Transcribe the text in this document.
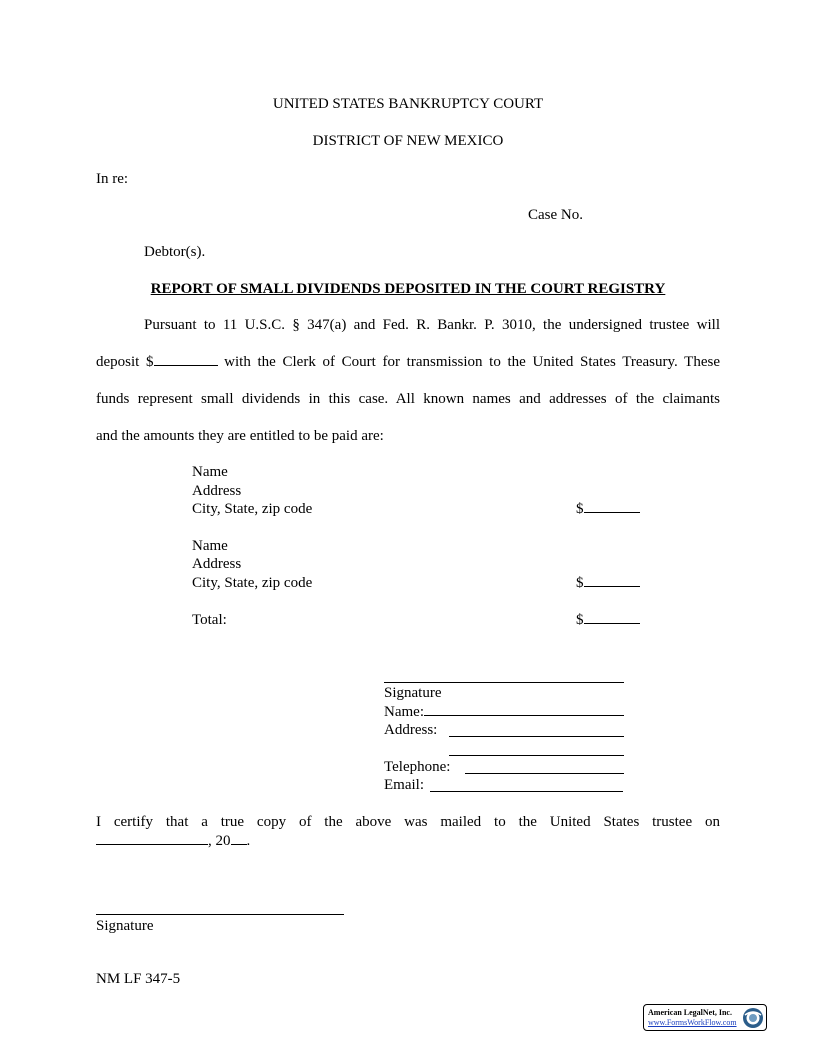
UNITED STATES BANKRUPTCY COURT
DISTRICT OF NEW MEXICO
In re:
Case No.
Debtor(s).
REPORT OF SMALL DIVIDENDS DEPOSITED IN THE COURT REGISTRY
Pursuant to 11 U.S.C. § 347(a) and Fed. R. Bankr. P. 3010, the undersigned trustee will
deposit $	with the Clerk of Court for transmission to the United States Treasury. These
funds represent small dividends in this case. All known names and addresses of the claimants
and the amounts they are entitled to be paid are:
Name
Address
City, State, zip code	$
Name
Address
City, State, zip code	$
Total:	$
Signature
Name:
Address:
Telephone:
Email:
I certify that a true copy of the above was mailed to the United States trustee on
, 20 .
Signature
NM LF 347-5
American LegalNet, Inc.
www.FormsWorkFlow.com
